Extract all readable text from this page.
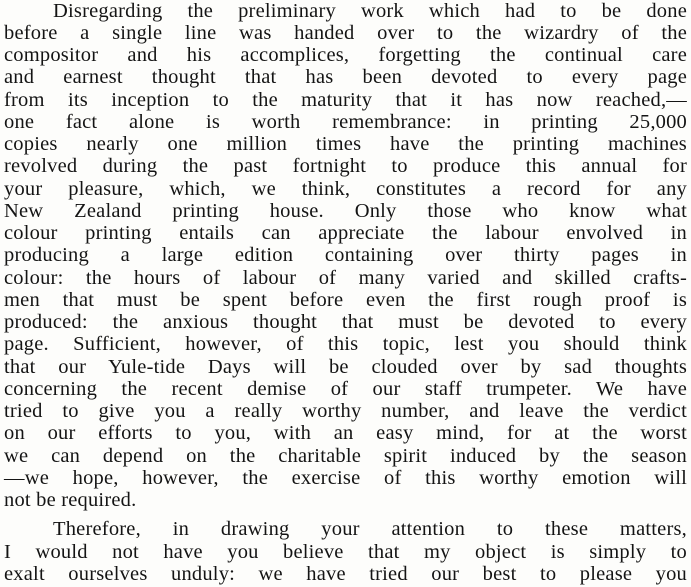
Disregarding the preliminary work which had to be done
before a single line was handed over to the wizardry of the
compositor and his accomplices, forgetting the continual care
and earnest thought that has been devoted to every page
from its inception to the maturity that it has now reached,—
one fact alone is worth remembrance: in printing 25,000
copies nearly one million times have the printing machines
revolved during the past fortnight to produce this annual for
your pleasure, which, we think, constitutes a record for any
New Zealand printing house. Only those who know what
colour printing entails can appreciate the labour envolved in
producing a large edition containing over thirty pages in
colour: the hours of labour of many varied and skilled crafts-
men that must be spent before even the first rough proof is
produced: the anxious thought that must be devoted to every
page. Sufficient, however, of this topic, lest you should think
that our Yule-tide Days will be clouded over by sad thoughts
concerning the recent demise of our staff trumpeter. We have
tried to give you a really worthy number, and leave the verdict
on our efforts to you, with an easy mind, for at the worst
we can depend on the charitable spirit induced by the season
—we hope, however, the exercise of this worthy emotion will
not be required.
Therefore, in drawing your attention to these matters,
I would not have you believe that my object is simply to
exalt ourselves unduly: we have tried our best to please you
